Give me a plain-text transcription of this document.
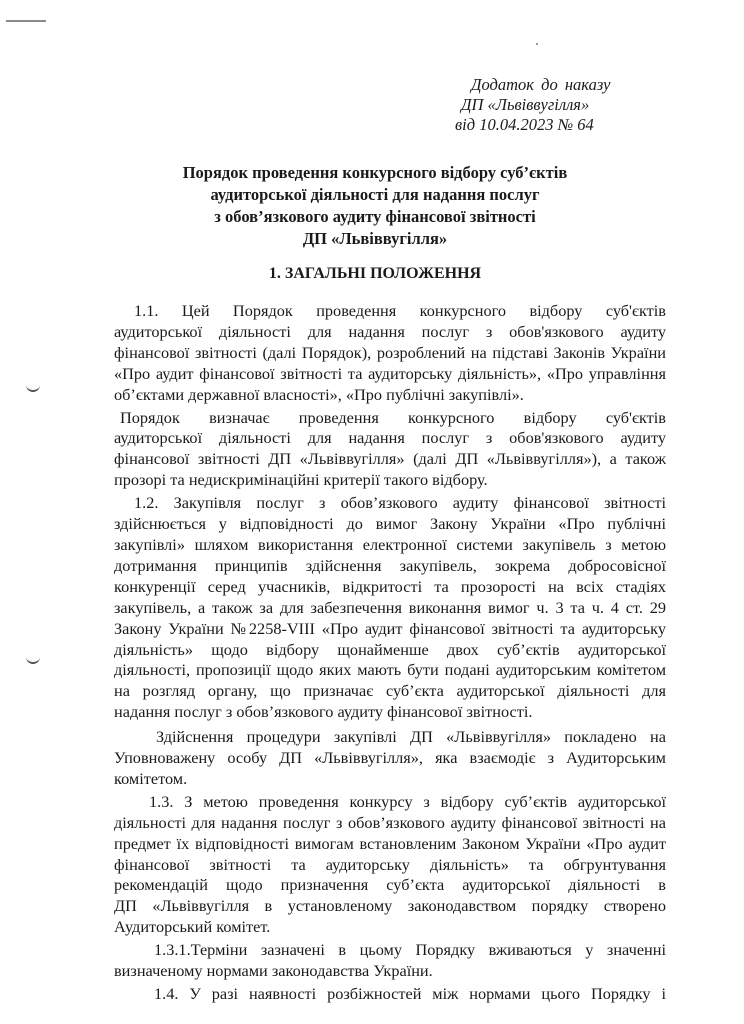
Додаток до наказу
ДП «Львіввугілля»
від 10.04.2023 № 64
Порядок проведення конкурсного відбору суб’єктів
аудиторської діяльності для надання послуг
з обов’язкового аудиту фінансової звітності
ДП «Львіввугілля»
1. ЗАГАЛЬНІ ПОЛОЖЕННЯ

1.1. Цей Порядок проведення конкурсного відбору суб'єктів

аудиторської діяльності для надання послуг з обов'язкового аудиту

фінансової звітності (далі Порядок), розроблений на підставі Законів України

«Про аудит фінансової звітності та аудиторську діяльність», «Про управління

об’єктами державної власності», «Про публічні закупівлі».

Порядок визначає проведення конкурсного відбору суб'єктів

аудиторської діяльності для надання послуг з обов'язкового аудиту

фінансової звітності ДП «Львіввугілля» (далі ДП «Львіввугілля»), а також

прозорі та недискримінаційні критерії такого відбору.

1.2. Закупівля послуг з обов’язкового аудиту фінансової звітності

здійснюється у відповідності до вимог Закону України «Про публічні

закупівлі» шляхом використання електронної системи закупівель з метою

дотримання принципів здійснення закупівель, зокрема добросовісної

конкуренції серед учасників, відкритості та прозорості на всіх стадіях

закупівель, а також за для забезпечення виконання вимог ч. 3 та ч. 4 ст. 29

Закону України №2258-VIII «Про аудит фінансової звітності та аудиторську

діяльність» щодо відбору щонайменше двох суб’єктів аудиторської

діяльності, пропозиції щодо яких мають бути подані аудиторським комітетом

на розгляд органу, що призначає суб’єкта аудиторської діяльності для

надання послуг з обов’язкового аудиту фінансової звітності.

Здійснення процедури закупівлі ДП «Львіввугілля» покладено на

Уповноважену особу ДП «Львіввугілля», яка взаємодіє з Аудиторським

комітетом.

1.3. З метою проведення конкурсу з відбору суб’єктів аудиторської

діяльності для надання послуг з обов’язкового аудиту фінансової звітності на

предмет їх відповідності вимогам встановленим Законом України «Про аудит

фінансової звітності та аудиторську діяльність» та обгрунтування

рекомендацій щодо призначення суб’єкта аудиторської діяльності в

ДП «Львіввугілля в установленому законодавством порядку створено

Аудиторський комітет.

1.3.1.Терміни зазначені в цьому Порядку вживаються у значенні

визначеному нормами законодавства України.

1.4. У разі наявності розбіжностей між нормами цього Порядку і
